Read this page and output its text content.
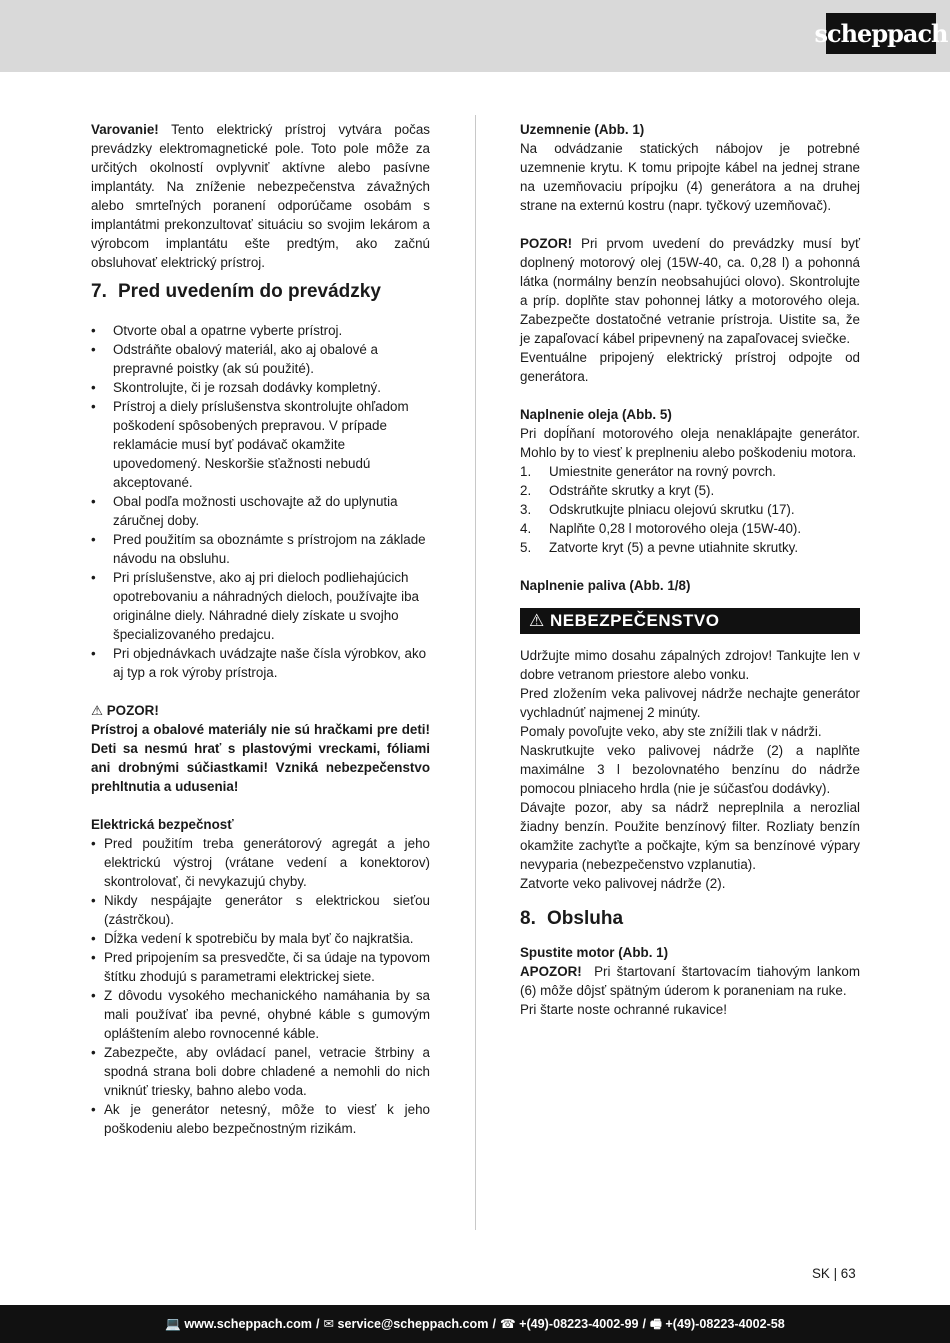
scheppach

Varovanie! Tento elektrický prístroj vytvára počas prevádzky elektromagnetické pole. Toto pole môže za určitých okolností ovplyvniť aktívne alebo pasívne implantáty. Na zníženie nebezpečenstva závažných alebo smrteľných poranení odporúčame osobám s implantátmi prekonzultovať situáciu so svojim lekárom a výrobcom implantátu ešte predtým, ako začnú obsluhovať elektrický prístroj.

7. Pred uvedením do prevádzky
• Otvorte obal a opatrne vyberte prístroj.
• Odstráňte obalový materiál, ako aj obalové a prepravné poistky (ak sú použité).
• Skontrolujte, či je rozsah dodávky kompletný.
• Prístroj a diely príslušenstva skontrolujte ohľadom poškodení spôsobených prepravou. V prípade reklamácie musí byť podávač okamžite upovedomený. Neskoršie sťažnosti nebudú akceptované.
• Obal podľa možnosti uschovajte až do uplynutia záručnej doby.
• Pred použitím sa oboznámte s prístrojom na základe návodu na obsluhu.
• Pri príslušenstve, ako aj pri dieloch podliehajúcich opotrebovaniu a náhradných dieloch, používajte iba originálne diely. Náhradné diely získate u svojho špecializovaného predajcu.
• Pri objednávkach uvádzajte naše čísla výrobkov, ako aj typ a rok výroby prístroja.

⚠ POZOR!

Prístroj a obalové materiály nie sú hračkami pre deti! Deti sa nesmú hrať s plastovými vreckami, fóliami ani drobnými súčiastkami! Vzniká nebezpečenstvo prehltnutia a udusenia!

Elektrická bezpečnosť

• Pred použitím treba generátorový agregát a jeho elektrickú výstroj (vrátane vedení a konektorov) skontrolovať, či nevykazujú chyby.
• Nikdy nespájajte generátor s elektrickou sieťou (zástrčkou).
• Dĺžka vedení k spotrebiču by mala byť čo najkratšia.
• Pred pripojením sa presvedčte, či sa údaje na typovom štítku zhodujú s parametrami elektrickej siete.
• Z dôvodu vysokého mechanického namáhania by sa mali používať iba pevné, ohybné káble s gumovým opláštením alebo rovnocenné káble.
• Zabezpečte, aby ovládací panel, vetracie štrbiny a spodná strana boli dobre chladené a nemohli do nich vniknúť triesky, bahno alebo voda.
• Ak je generátor netesný, môže to viesť k jeho poškodeniu alebo bezpečnostným rizikám.

Uzemnenie (Abb. 1)

Na odvádzanie statických nábojov je potrebné uzemnenie krytu. K tomu pripojte kábel na jednej strane na uzemňovaciu prípojku (4) generátora a na druhej strane na externú kostru (napr. tyčkový uzemňovač).

POZOR! Pri prvom uvedení do prevádzky musí byť doplnený motorový olej (15W-40, ca. 0,28 l) a pohonná látka (normálny benzín neobsahujúci olovo). Skontrolujte a príp. doplňte stav pohonnej látky a motorového oleja. Zabezpečte dostatočné vetranie prístroja. Uistite sa, že je zapaľovací kábel pripevnený na zapaľovacej sviečke.

Eventuálne pripojený elektrický prístroj odpojte od generátora.

Naplnenie oleja (Abb. 5)

Pri dopĺňaní motorového oleja nenaklápajte generátor. Mohlo by to viesť k preplneniu alebo poškodeniu motora.

1. Umiestnite generátor na rovný povrch.
2. Odstráňte skrutky a kryt (5).
3. Odskrutkujte plniacu olejovú skrutku (17).
4. Naplňte 0,28 l motorového oleja (15W-40).
5. Zatvorte kryt (5) a pevne utiahnite skrutky.

Naplnenie paliva (Abb. 1/8)

⚠ NEBEZPEČENSTVO

Udržujte mimo dosahu zápalných zdrojov! Tankujte len v dobre vetranom priestore alebo vonku.

Pred zložením veka palivovej nádrže nechajte generátor vychladnúť najmenej 2 minúty.

Pomaly povoľujte veko, aby ste znížili tlak v nádrži.

Naskrutkujte veko palivovej nádrže (2) a naplňte maximálne 3 l bezolovnatého benzínu do nádrže pomocou plniaceho hrdla (nie je súčasťou dodávky).

Dávajte pozor, aby sa nádrž nepreplnila a nerozlial žiadny benzín. Použite benzínový filter. Rozliaty benzín okamžite zachyťte a počkajte, kým sa benzínové výpary nevyparia (nebezpečenstvo vzplanutia).

Zatvorte veko palivovej nádrže (2).

8. Obsluha

Spustite motor (Abb. 1)

APOZOR! Pri štartovaní štartovacím tiahovým lankom (6) môže dôjsť spätným úderom k poraneniam na ruke.

Pri štarte noste ochranné rukavice!

SK | 63
💻 www.scheppach.com / ✉ service@scheppach.com / ☎ +(49)-08223-4002-99 / 🖷 +(49)-08223-4002-58
